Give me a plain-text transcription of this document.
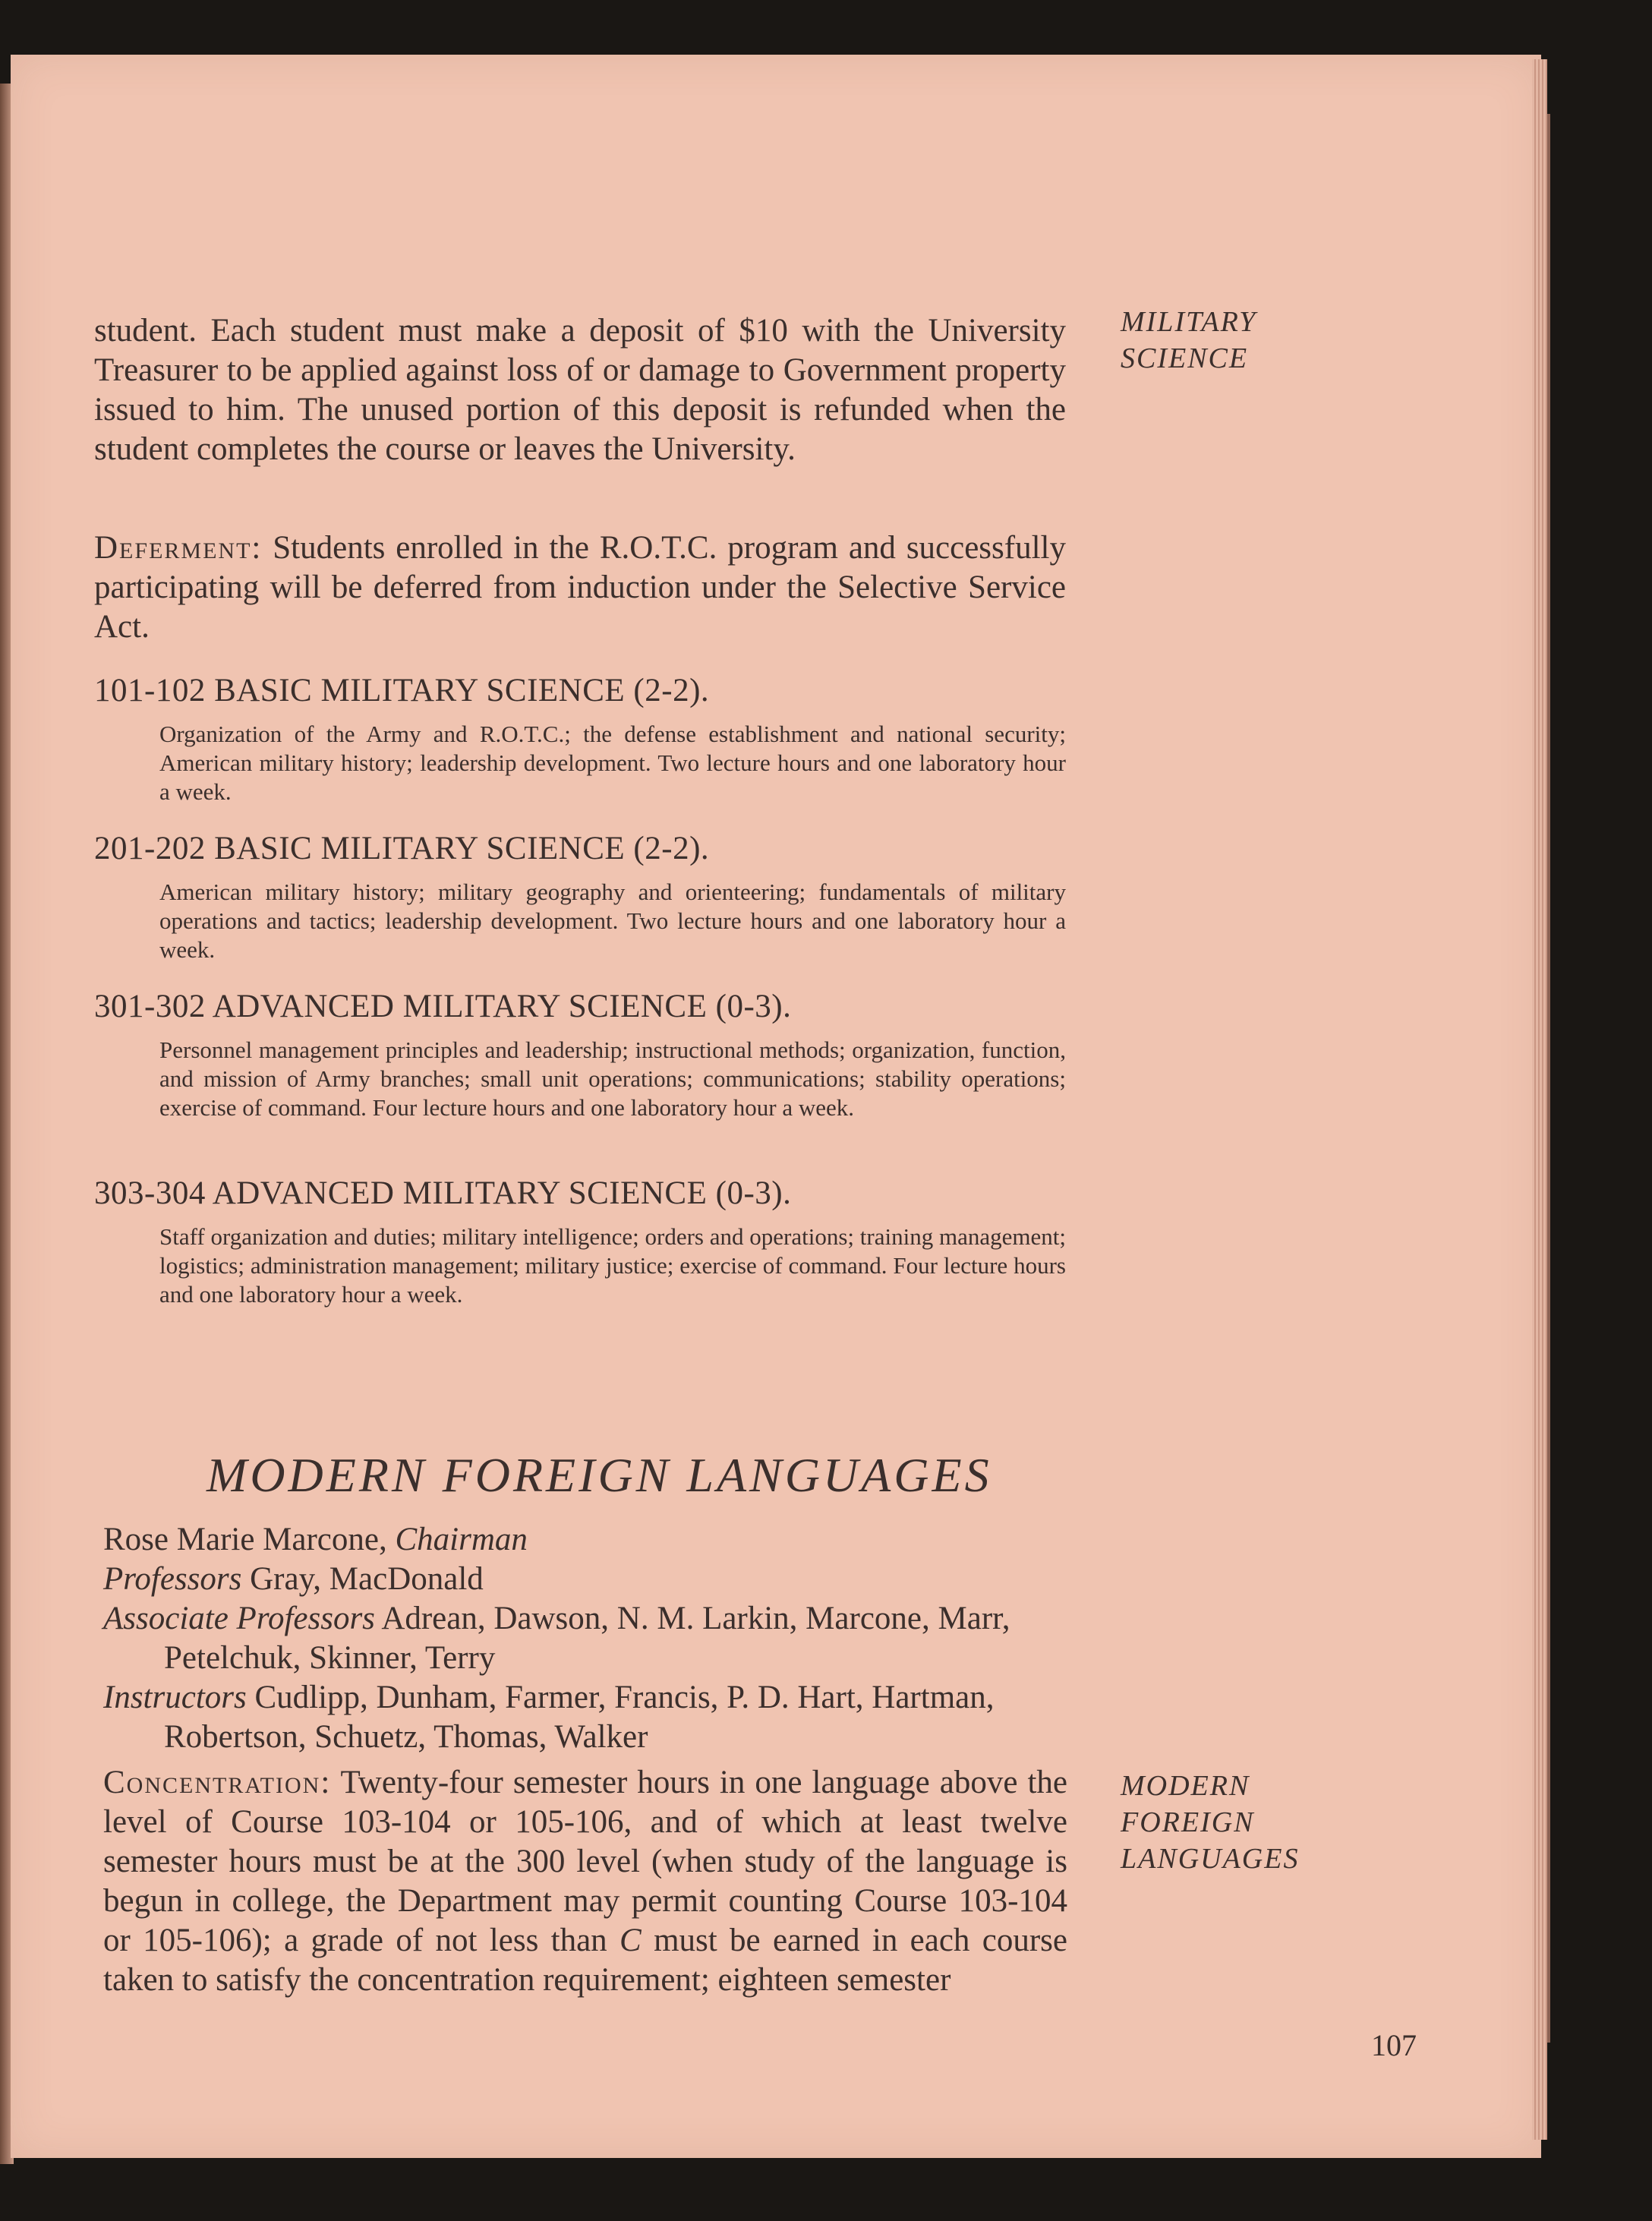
MILITARY
SCIENCE
MODERN
FOREIGN
LANGUAGES
student. Each student must make a deposit of $10 with the University Treasurer to be applied against loss of or damage to Government property issued to him. The unused portion of this deposit is refunded when the student completes the course or leaves the University.
Deferment: Students enrolled in the R.O.T.C. program and successfully participating will be deferred from induction under the Selective Service Act.
101-102 BASIC MILITARY SCIENCE (2-2).
Organization of the Army and R.O.T.C.; the defense establishment and national security; American military history; leadership development. Two lecture hours and one laboratory hour a week.
201-202 BASIC MILITARY SCIENCE (2-2).
American military history; military geography and orienteering; fundamentals of military operations and tactics; leadership development. Two lecture hours and one laboratory hour a week.
301-302 ADVANCED MILITARY SCIENCE (0-3).
Personnel management principles and leadership; instructional methods; organization, function, and mission of Army branches; small unit operations; communications; stability operations; exercise of command. Four lecture hours and one laboratory hour a week.
303-304 ADVANCED MILITARY SCIENCE (0-3).
Staff organization and duties; military intelligence; orders and operations; training management; logistics; administration management; military justice; exercise of command. Four lecture hours and one laboratory hour a week.
MODERN FOREIGN LANGUAGES
Rose Marie Marcone, Chairman
Professors Gray, MacDonald
Associate Professors Adrean, Dawson, N. M. Larkin, Marcone, Marr,
Petelchuk, Skinner, Terry
Instructors Cudlipp, Dunham, Farmer, Francis, P. D. Hart, Hartman,
Robertson, Schuetz, Thomas, Walker
Concentration: Twenty-four semester hours in one language above the level of Course 103-104 or 105-106, and of which at least twelve semester hours must be at the 300 level (when study of the language is begun in college, the Department may permit counting Course 103-104 or 105-106); a grade of not less than C must be earned in each course taken to satisfy the concentration requirement; eighteen semester
107
